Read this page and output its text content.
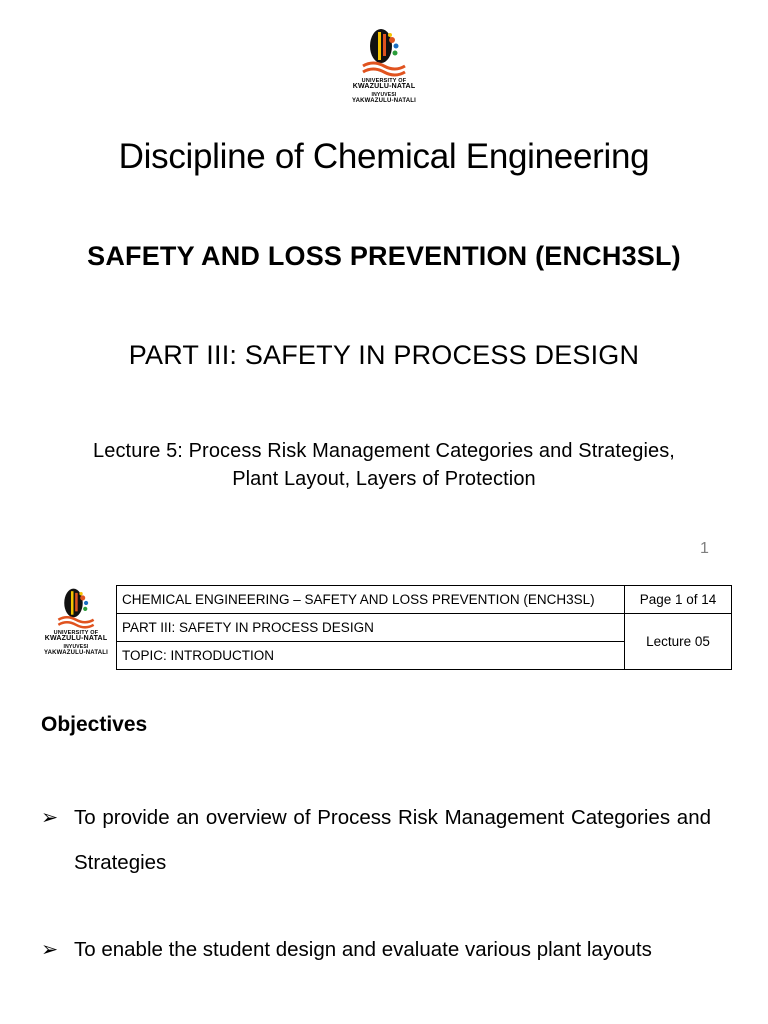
UNIVERSITY OF
KWAZULU-NATAL
INYUVESI
YAKWAZULU-NATALI
Discipline of Chemical Engineering
SAFETY AND LOSS PREVENTION (ENCH3SL)
PART III: SAFETY IN PROCESS DESIGN
Lecture 5: Process Risk Management Categories and Strategies,
Plant Layout, Layers of Protection
1
UNIVERSITY OF
KWAZULU-NATAL
INYUVESI
YAKWAZULU-NATALI
CHEMICAL ENGINEERING – SAFETY AND LOSS PREVENTION (ENCH3SL)	Page 1 of 14
PART III: SAFETY IN PROCESS DESIGN	Lecture 05
TOPIC: INTRODUCTION	
Objectives
➢ To provide an overview of Process Risk Management Categories and Strategies
➢ To enable the student design and evaluate various plant layouts
